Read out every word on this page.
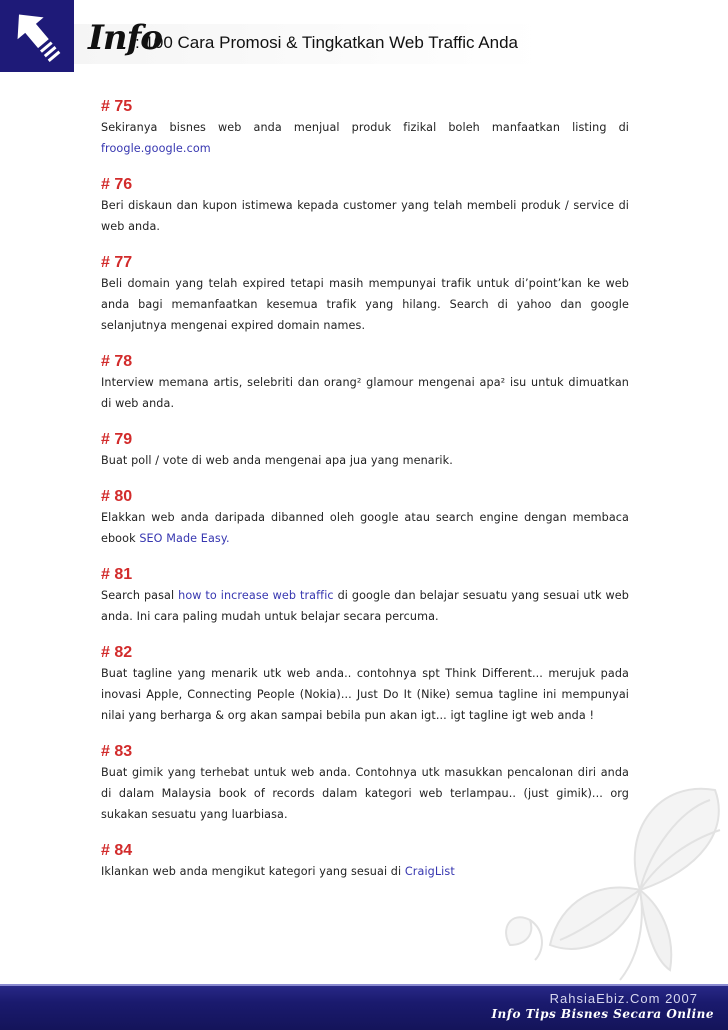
Info
: 100 Cara Promosi & Tingkatkan Web Traffic Anda
# 75
Sekiranya bisnes web anda menjual produk fizikal boleh manfaatkan listing di froogle.google.com
# 76
Beri diskaun dan kupon istimewa kepada customer yang telah membeli produk / service di web anda.
# 77
Beli domain yang telah expired tetapi masih mempunyai trafik untuk di’point’kan ke web anda bagi memanfaatkan kesemua trafik yang hilang. Search di yahoo dan google selanjutnya mengenai expired domain names.
# 78
Interview memana artis, selebriti dan orang² glamour mengenai apa² isu untuk dimuatkan di web anda.
# 79
Buat poll / vote di web anda mengenai apa jua yang menarik.
# 80
Elakkan web anda daripada dibanned oleh google atau search engine dengan membaca ebook SEO Made Easy.
# 81
Search pasal how to increase web traffic di google dan belajar sesuatu yang sesuai utk web anda. Ini cara paling mudah untuk belajar secara percuma.
# 82
Buat tagline yang menarik utk web anda.. contohnya spt Think Different... merujuk pada inovasi Apple, Connecting People (Nokia)... Just Do It (Nike) semua tagline ini mempunyai nilai yang berharga & org akan sampai bebila pun akan igt... igt tagline igt web anda !
# 83
Buat gimik yang terhebat untuk web anda. Contohnya utk masukkan pencalonan diri anda di dalam Malaysia book of records dalam kategori web terlampau.. (just gimik)... org sukakan sesuatu yang luarbiasa.
# 84
Iklankan web anda mengikut kategori yang sesuai di CraigList
RahsiaEbiz.Com 2007
Info Tips Bisnes Secara Online
